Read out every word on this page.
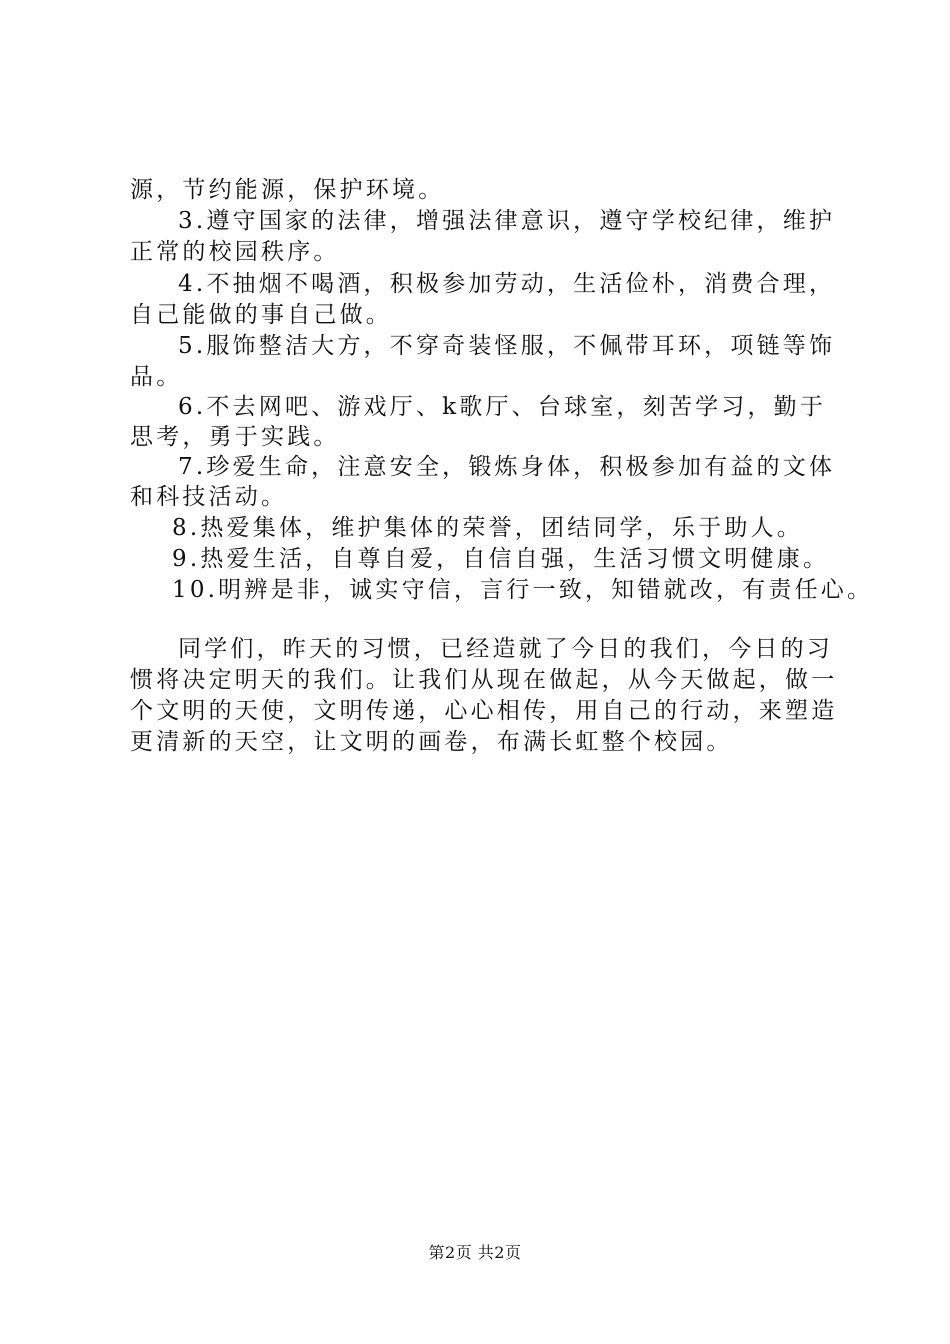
源，节约能源，保护环境。
3.遵守国家的法律，增强法律意识，遵守学校纪律，维护
正常的校园秩序。
4.不抽烟不喝酒，积极参加劳动，生活俭朴，消费合理，
自己能做的事自己做。
5.服饰整洁大方，不穿奇装怪服，不佩带耳环，项链等饰
品。
6.不去网吧、游戏厅、k歌厅、台球室，刻苦学习，勤于
思考，勇于实践。
7.珍爱生命，注意安全，锻炼身体，积极参加有益的文体
和科技活动。
8.热爱集体，维护集体的荣誉，团结同学，乐于助人。
9.热爱生活，自尊自爱，自信自强，生活习惯文明健康。
10.明辨是非，诚实守信，言行一致，知错就改，有责任心。
同学们，昨天的习惯，已经造就了今日的我们，今日的习
惯将决定明天的我们。让我们从现在做起，从今天做起，做一
个文明的天使，文明传递，心心相传，用自己的行动，来塑造
更清新的天空，让文明的画卷，布满长虹整个校园。
第2页 共2页
